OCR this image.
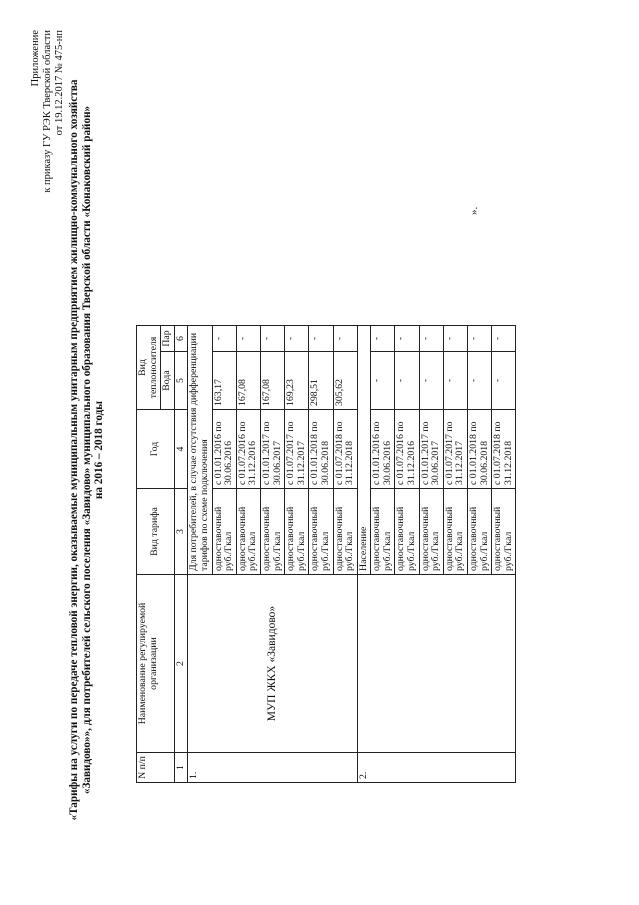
Приложение к приказу ГУ РЭК Тверской области от 19.12.2017 № 475-нп «Тарифы на услуги по передаче тепловой энергии, оказываемые муниципальным унитарным предприятием жилищно-коммунального хозяйства «Завидово»», для потребителей сельского поселения «Завидово» муниципального образования Тверской области «Конаковский район» на 2016 – 2018 годы
N п/п	Наименование регулируемой организации	Вид тарифа	Год	Вид теплоносителя	
				Вода	Пар
1	2	3	4	5	6
1.	МУП ЖКХ «Завидово»	Для потребителей, в случае отсутствия дифференциации тарифов по схеме подключения			
		одноставочный руб./Гкал	с 01.01.2016 по 30.06.2016	163,17	-
		одноставочный руб./Гкал	с 01.07.2016 по 31.12.2016	167,08	-
		одноставочный руб./Гкал	с 01.01.2017 по 30.06.2017	167,08	-
		одноставочный руб./Гкал	с 01.07.2017 по 31.12.2017	169,23	-
		одноставочный руб./Гкал	с 01.01.2018 по 30.06.2018	298,51	-
		одноставочный руб./Гкал	с 01.07.2018 по 31.12.2018	305,62	-
2.		Население			
		одноставочный руб./Гкал	с 01.01.2016 по 30.06.2016	-	-
		одноставочный руб./Гкал	с 01.07.2016 по 31.12.2016	-	-
		одноставочный руб./Гкал	с 01.01.2017 по 30.06.2017	-	-
		одноставочный руб./Гкал	с 01.07.2017 по 31.12.2017	-	-
		одноставочный руб./Гкал	с 01.01.2018 по 30.06.2018	-	-
		одноставочный руб./Гкал	с 01.07.2018 по 31.12.2018	-	-
».
